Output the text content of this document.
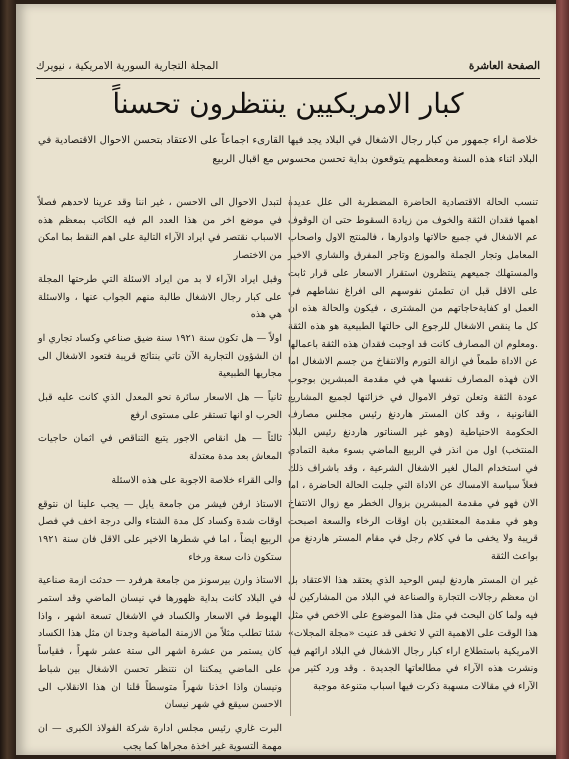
الصفحة العاشرة
المجلة التجارية السورية الامريكية ، نيويرك
كبار الامريكيين ينتظرون تحسناً
خلاصة اراء جمهور من كبار رجال الاشغال في البلاد يجد فيها القارىء اجماعاً على الاعتقاد بتحسن الاحوال الاقتصادية في البلاد اثناء هذه السنة ومعظمهم يتوقعون بداية تحسن محسوس مع اقبال الربيع

تنسب الحالة الاقتصادية الحاضرة المضطربة الى علل عديدة اهمها فقدان الثقة والخوف من زيادة السقوط حتى ان الوقوف عم الاشغال في جميع حالاتها وادوارها ، فالمنتج الاول واصحاب المعامل وتجار الجملة والموزع وتاجر المفرق والشاري الاخير والمستهلك جميعهم ينتظرون استقرار الاسعار على قرار ثابت على الاقل قبل ان تطمئن نفوسهم الى افراغ نشاطهم في العمل او كفايةحاجاتهم من المشترى ، فيكون والحالة هذه ان كل ما ينقص الاشغال للرجوع الى حالتها الطبيعية هو هذه الثقة .ومعلوم ان المصارف كانت قد اوجبت فقدان هذه الثقة باعمالها عن الاداة طمعاً في ازالة التورم والانتفاخ من جسم الاشغال اما الان فهذه المصارف نفسها هي في مقدمة المبشرين بوجوب عودة الثقة وتعلن توفر الاموال في خزائنها لجميع المشاريع القانونية ، وقد كان المستر هاردنغ رئيس مجلس مصارف الحكومة الاحتياطية (وهو غير السناتور هاردنغ رئيس البلاد المنتخب) اول من انذر في الربيع الماضي بسوء مغبة التمادي في استخدام المال لغير الاشغال الشرعية ، وقد باشراف ذلك فعلاً سياسة الامساك عن الاداة التي جلبت الحالة الحاضرة ، اما الان فهو في مقدمة المبشرين بزوال الخطر مع زوال الانتفاخ وهو في مقدمة المعتقدين بان اوقات الرخاء والسعة اصبحت قريبة ولا يخفى ما في كلام رجل في مقام المستر هاردنغ من بواعث الثقة

غير ان المستر هاردنغ ليس الوحيد الذي يعتقد هذا الاعتقاد بل ان معظم رجالات التجارة والصناعة في البلاد من المشاركين له فيه ولما كان البحث في مثل هذا الموضوع على الاخص في مثل هذا الوقت على الاهمية التي لا تخفى قد عنيت «مجلة المجلات» الامريكية باستطلاع اراء كبار رجال الاشغال في البلاد ارائهم فيه ونشرت هذه الآراء في مطالعاتها الجديدة . وقد ورد كثير من الآراء في مقالات مسهبة ذكرت فيها اسباب متنوعة موجبة

لتبدل الاحوال الى الاحسن ، غير اننا وقد عرينا لاحدهم فصلاً في موضع اخر من هذا العدد الم فيه الكاتب بمعظم هذه الاسباب نقتصر في ايراد الآراء التالية على اهم النقط بما امكن من الاختصار

وقبل ايراد الآراء لا بد من ايراد الاسئلة التي طرحتها المجلة على كبار رجال الاشغال طالبة منهم الجواب عنها ، والاسئلة هي هذه

اولاً — هل تكون سنة ١٩٢١ سنة ضيق صناعي وكساد تجاري او ان الشؤون التجارية الآن تاتي بنتائج قريبة فتعود الاشغال الى مجاريها الطبيعية

ثانياً — هل الاسعار سائرة نحو المعدل الذي كانت عليه قبل الحرب او انها تستقر على مستوى ارفع

ثالثاً — هل انقاص الاجور يتبع التناقص في اثمان حاجيات المعاش بعد مدة معتدلة

والى القراء خلاصة الاجوبة على هذه الاسئلة

الاستاذ ارفن فيشر من جامعة يايل — يجب علينا ان نتوقع اوقات شدة وكساد كل مدة الشتاء والى درجة اخف في فصل الربيع ايضاً ، اما في شطرها الاخير على الاقل فان سنة ١٩٢١ ستكون ذات سعة ورخاء

الاستاذ وارن بيرسونز من جامعة هرفرد — حدثت ازمة صناعية في البلاد كانت بداية ظهورها في نيسان الماضي وقد استمر الهبوط في الاسعار والكساد في الاشغال تسعة اشهر ، واذا شئنا تطلب مثلاً من الازمنة الماضية وجدنا ان مثل هذا الكساد كان يستمر من عشرة اشهر الى ستة عشر شهراً ، فقياساً على الماضي يمكننا ان نتنظر تحسن الاشغال بين شباط ونيسان واذا اخذنا شهراً متوسطاً قلنا ان هذا الانقلاب الى الاحسن سيقع في شهر نيسان

البرت غاري رئيس مجلس ادارة شركة الفولاذ الكبرى — ان مهمة التسوية غير اخذة مجراها كما يجب
